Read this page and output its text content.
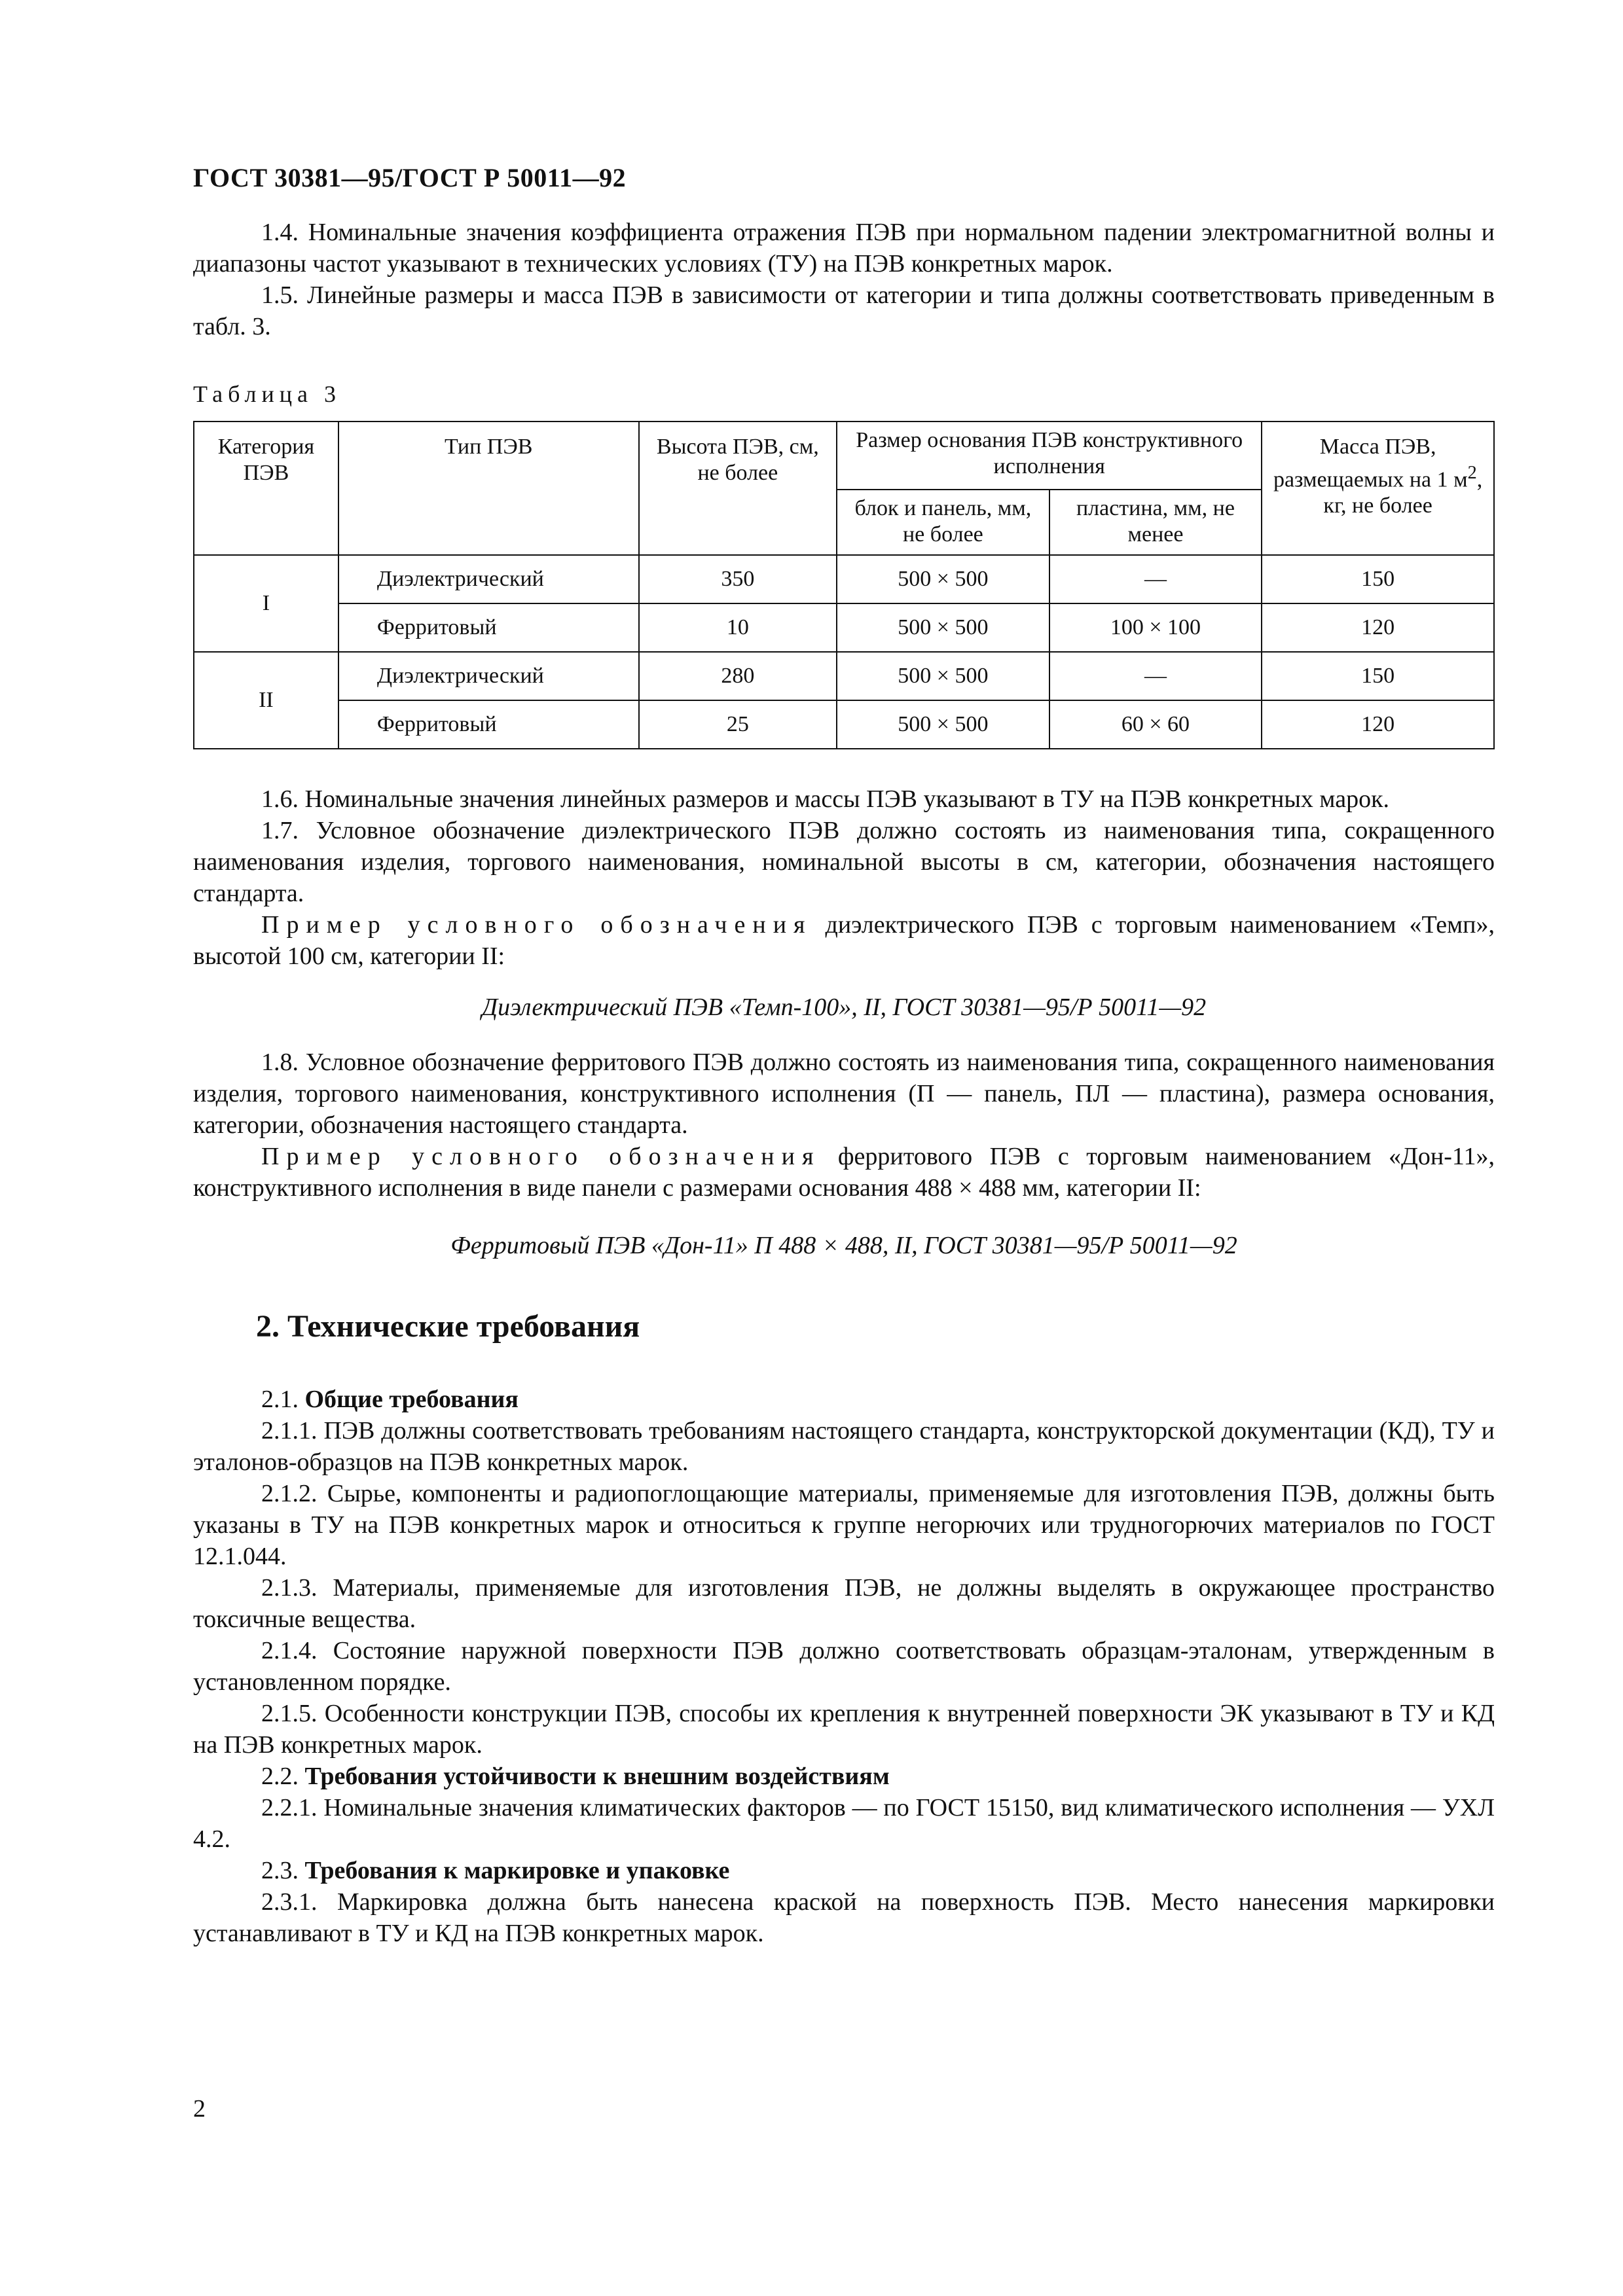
ГОСТ 30381—95/ГОСТ Р 50011—92

1.4. Номинальные значения коэффициента отражения ПЭВ при нормальном падении электромагнитной волны и диапазоны частот указывают в технических условиях (ТУ) на ПЭВ конкретных марок.

1.5. Линейные размеры и масса ПЭВ в зависимости от категории и типа должны соответствовать приведенным в табл. 3.

Таблица 3
Категория ПЭВ	Тип ПЭВ	Высота ПЭВ, см, не более	Размер основания ПЭВ конструктивного исполнения		Масса ПЭВ, размещаемых на 1 $м^2$, кг, не более
			блок и панель, мм, не более	пластина, мм, не менее	
I	Диэлектрический	350	500 × 500	—	150
	Ферритовый	10	500 × 500	100 × 100	120
II	Диэлектрический	280	500 × 500	—	150
	Ферритовый	25	500 × 500	60 × 60	120

1.6. Номинальные значения линейных размеров и массы ПЭВ указывают в ТУ на ПЭВ конкретных марок.

1.7. Условное обозначение диэлектрического ПЭВ должно состоять из наименования типа, сокращенного наименования изделия, торгового наименования, номинальной высоты в см, категории, обозначения настоящего стандарта.

Пример условного обозначения диэлектрического ПЭВ с торговым наименованием «Темп», высотой 100 см, категории II:

Диэлектрический ПЭВ «Темп-100», II, ГОСТ 30381—95/Р 50011—92

1.8. Условное обозначение ферритового ПЭВ должно состоять из наименования типа, сокращенного наименования изделия, торгового наименования, конструктивного исполнения (П — панель, ПЛ — пластина), размера основания, категории, обозначения настоящего стандарта.

Пример условного обозначения ферритового ПЭВ с торговым наименованием «Дон-11», конструктивного исполнения в виде панели с размерами основания 488 × 488 мм, категории II:

Ферритовый ПЭВ «Дон-11» П 488 × 488, II, ГОСТ 30381—95/Р 50011—92
2. Технические требования

2.1. Общие требования

2.1.1. ПЭВ должны соответствовать требованиям настоящего стандарта, конструкторской документации (КД), ТУ и эталонов-образцов на ПЭВ конкретных марок.

2.1.2. Сырье, компоненты и радиопоглощающие материалы, применяемые для изготовления ПЭВ, должны быть указаны в ТУ на ПЭВ конкретных марок и относиться к группе негорючих или трудногорючих материалов по ГОСТ 12.1.044.

2.1.3. Материалы, применяемые для изготовления ПЭВ, не должны выделять в окружающее пространство токсичные вещества.

2.1.4. Состояние наружной поверхности ПЭВ должно соответствовать образцам-эталонам, утвержденным в установленном порядке.

2.1.5. Особенности конструкции ПЭВ, способы их крепления к внутренней поверхности ЭК указывают в ТУ и КД на ПЭВ конкретных марок.

2.2. Требования устойчивости к внешним воздействиям

2.2.1. Номинальные значения климатических факторов — по ГОСТ 15150, вид климатического исполнения — УХЛ 4.2.

2.3. Требования к маркировке и упаковке

2.3.1. Маркировка должна быть нанесена краской на поверхность ПЭВ. Место нанесения маркировки устанавливают в ТУ и КД на ПЭВ конкретных марок.

2
